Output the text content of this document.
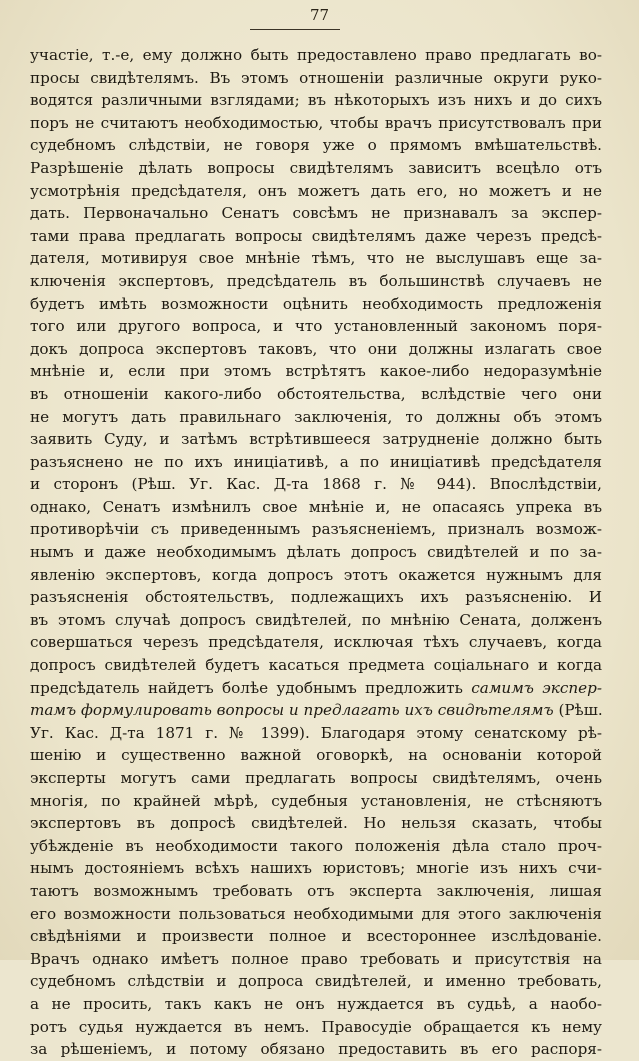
77
участіе, т.-е, ему должно быть предоставлено право предлагать во-
просы свидѣтелямъ. Въ этомъ отношеніи различные округи руко-
водятся различными взглядами; въ нѣкоторыхъ изъ нихъ и до сихъ
поръ не считаютъ необходимостью, чтобы врачъ присутствовалъ при
судебномъ слѣдствіи, не говоря уже о прямомъ вмѣшательствѣ.
Разрѣшеніе дѣлать вопросы свидѣтелямъ зависитъ всецѣло отъ
усмотрѣнія предсѣдателя, онъ можетъ дать его, но можетъ и не
дать. Первоначально Сенатъ совсѣмъ не признавалъ за экспер-
тами права предлагать вопросы свидѣтелямъ даже черезъ предсѣ-
дателя, мотивируя свое мнѣніе тѣмъ, что не выслушавъ еще за-
ключенія экспертовъ, предсѣдатель въ большинствѣ случаевъ не
будетъ имѣть возможности оцѣнить необходимость предложенія
того или другого вопроса, и что установленный закономъ поря-
докъ допроса экспертовъ таковъ, что они должны излагать свое
мнѣніе и, если при этомъ встрѣтятъ какое-либо недоразумѣніе
въ отношеніи какого-либо обстоятельства, вслѣдствіе чего они
не могутъ дать правильнаго заключенія, то должны объ этомъ
заявить Суду, и затѣмъ встрѣтившееся затрудненіе должно быть
разъяснено не по ихъ иниціативѣ, а по иниціативѣ предсѣдателя
и сторонъ (Рѣш. Уг. Кас. Д-та 1868 г. № 944). Впослѣдствіи,
однако, Сенатъ измѣнилъ свое мнѣніе и, не опасаясь упрека въ
противорѣчіи съ приведеннымъ разъясненіемъ, призналъ возмож-
нымъ и даже необходимымъ дѣлать допросъ свидѣтелей и по за-
явленію экспертовъ, когда допросъ этотъ окажется нужнымъ для
разъясненія обстоятельствъ, подлежащихъ ихъ разъясненію. И
въ этомъ случаѣ допросъ свидѣтелей, по мнѣнію Сената, долженъ
совершаться черезъ предсѣдателя, исключая тѣхъ случаевъ, когда
допросъ свидѣтелей будетъ касаться предмета соціальнаго и когда
предсѣдатель найдетъ болѣе удобнымъ предложить самимъ экспер-
тамъ формулировать вопросы и предлагать ихъ свидѣтелямъ (Рѣш.
Уг. Кас. Д-та 1871 г. № 1399). Благодаря этому сенатскому рѣ-
шенію и существенно важной оговоркѣ, на основаніи которой
эксперты могутъ сами предлагать вопросы свидѣтелямъ, очень
многія, по крайней мѣрѣ, судебныя установленія, не стѣсняютъ
экспертовъ въ допросѣ свидѣтелей. Но нельзя сказать, чтобы
убѣжденіе въ необходимости такого положенія дѣла стало проч-
нымъ достояніемъ всѣхъ нашихъ юристовъ; многіе изъ нихъ счи-
таютъ возможнымъ требовать отъ эксперта заключенія, лишая
его возможности пользоваться необходимыми для этого заключенія
свѣдѣніями и произвести полное и всестороннее изслѣдованіе.
Врачъ однако имѣетъ полное право требовать и присутствія на
судебномъ слѣдствіи и допроса свидѣтелей, и именно требовать,
а не просить, такъ какъ не онъ нуждается въ судьѣ, а наобо-
ротъ судья нуждается въ немъ. Правосудіе обращается къ нему
за рѣшеніемъ, и потому обязано предоставить въ его распоря-
